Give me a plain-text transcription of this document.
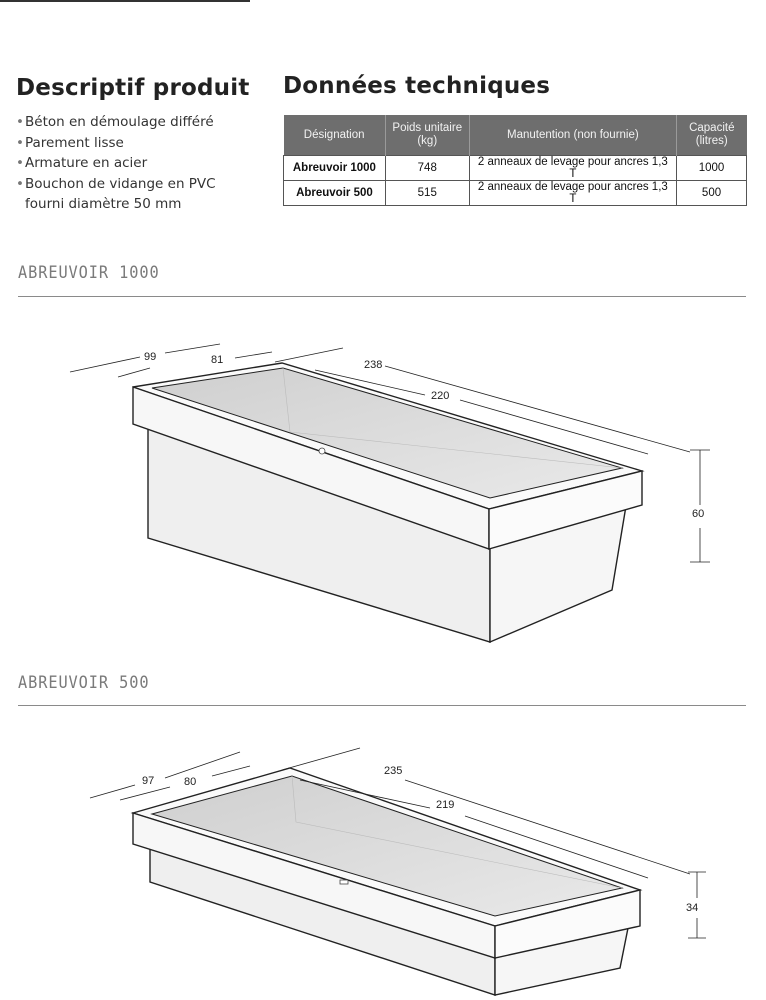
Descriptif produit
• Béton en démoulage différé
• Parement lisse
• Armature en acier
• Bouchon de vidange en PVC fourni diamètre 50 mm
Données techniques
Désignation	Poids unitaire (kg)	Manutention (non fournie)	Capacité (litres)
Abreuvoir 1000	748	2 anneaux de levage pour ancres 1,3 T	1000
Abreuvoir 500	515	2 anneaux de levage pour ancres 1,3 T	500
ABREUVOIR 1000
99	81	238
220
60
ABREUVOIR 500
97	80
235
219
34
